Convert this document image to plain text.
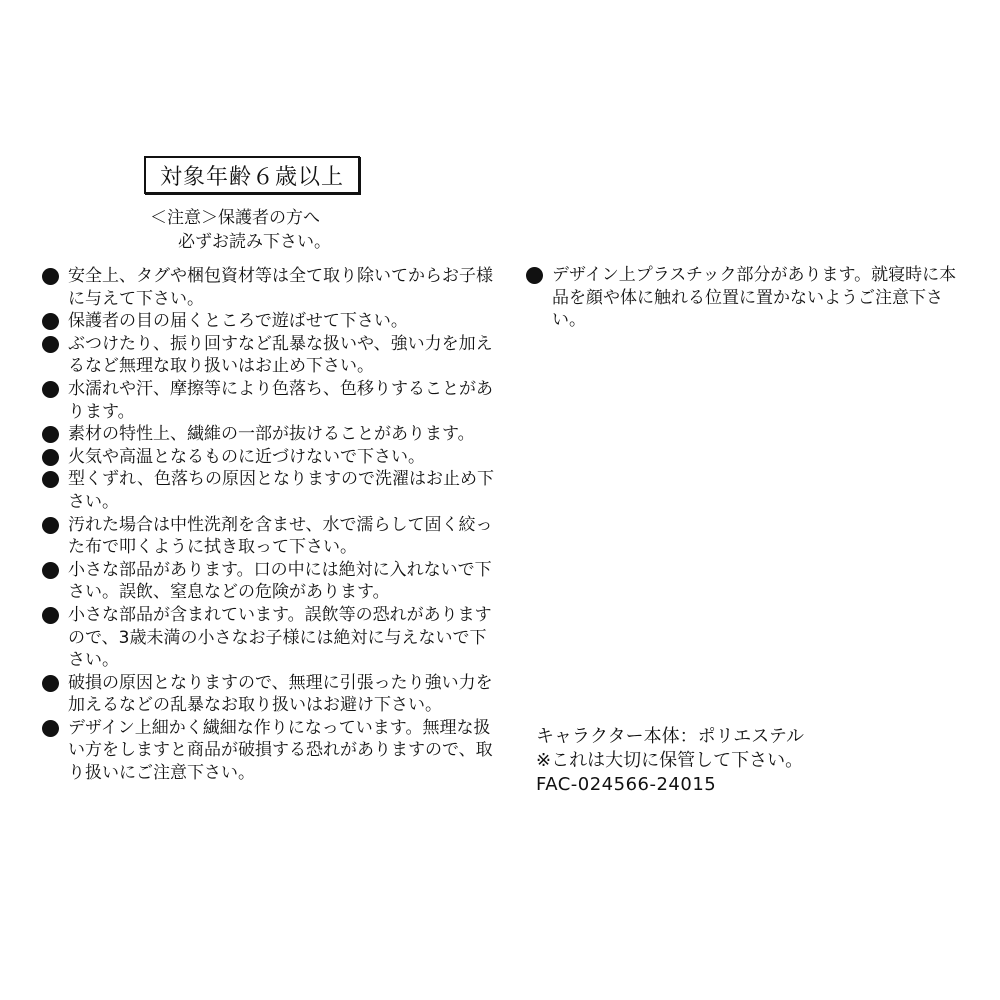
対象年齢６歳以上
＜注意＞保護者の方へ
必ずお読み下さい。
安全上、タグや梱包資材等は全て取り除いてからお子様に与えて下さい。
保護者の目の届くところで遊ばせて下さい。
ぶつけたり、振り回すなど乱暴な扱いや、強い力を加えるなど無理な取り扱いはお止め下さい。
水濡れや汗、摩擦等により色落ち、色移りすることがあります。
素材の特性上、繊維の一部が抜けることがあります。
火気や高温となるものに近づけないで下さい。
型くずれ、色落ちの原因となりますので洗濯はお止め下さい。
汚れた場合は中性洗剤を含ませ、水で濡らして固く絞った布で叩くように拭き取って下さい。
小さな部品があります。口の中には絶対に入れないで下さい。誤飲、窒息などの危険があります。
小さな部品が含まれています。誤飲等の恐れがありますので、3歳未満の小さなお子様には絶対に与えないで下さい。
破損の原因となりますので、無理に引張ったり強い力を加えるなどの乱暴なお取り扱いはお避け下さい。
デザイン上細かく繊細な作りになっています。無理な扱い方をしますと商品が破損する恐れがありますので、取り扱いにご注意下さい。
デザイン上プラスチック部分があります。就寝時に本品を顔や体に触れる位置に置かないようご注意下さい。
キャラクター本体：ポリエステル
※これは大切に保管して下さい。
FAC-024566-24015
